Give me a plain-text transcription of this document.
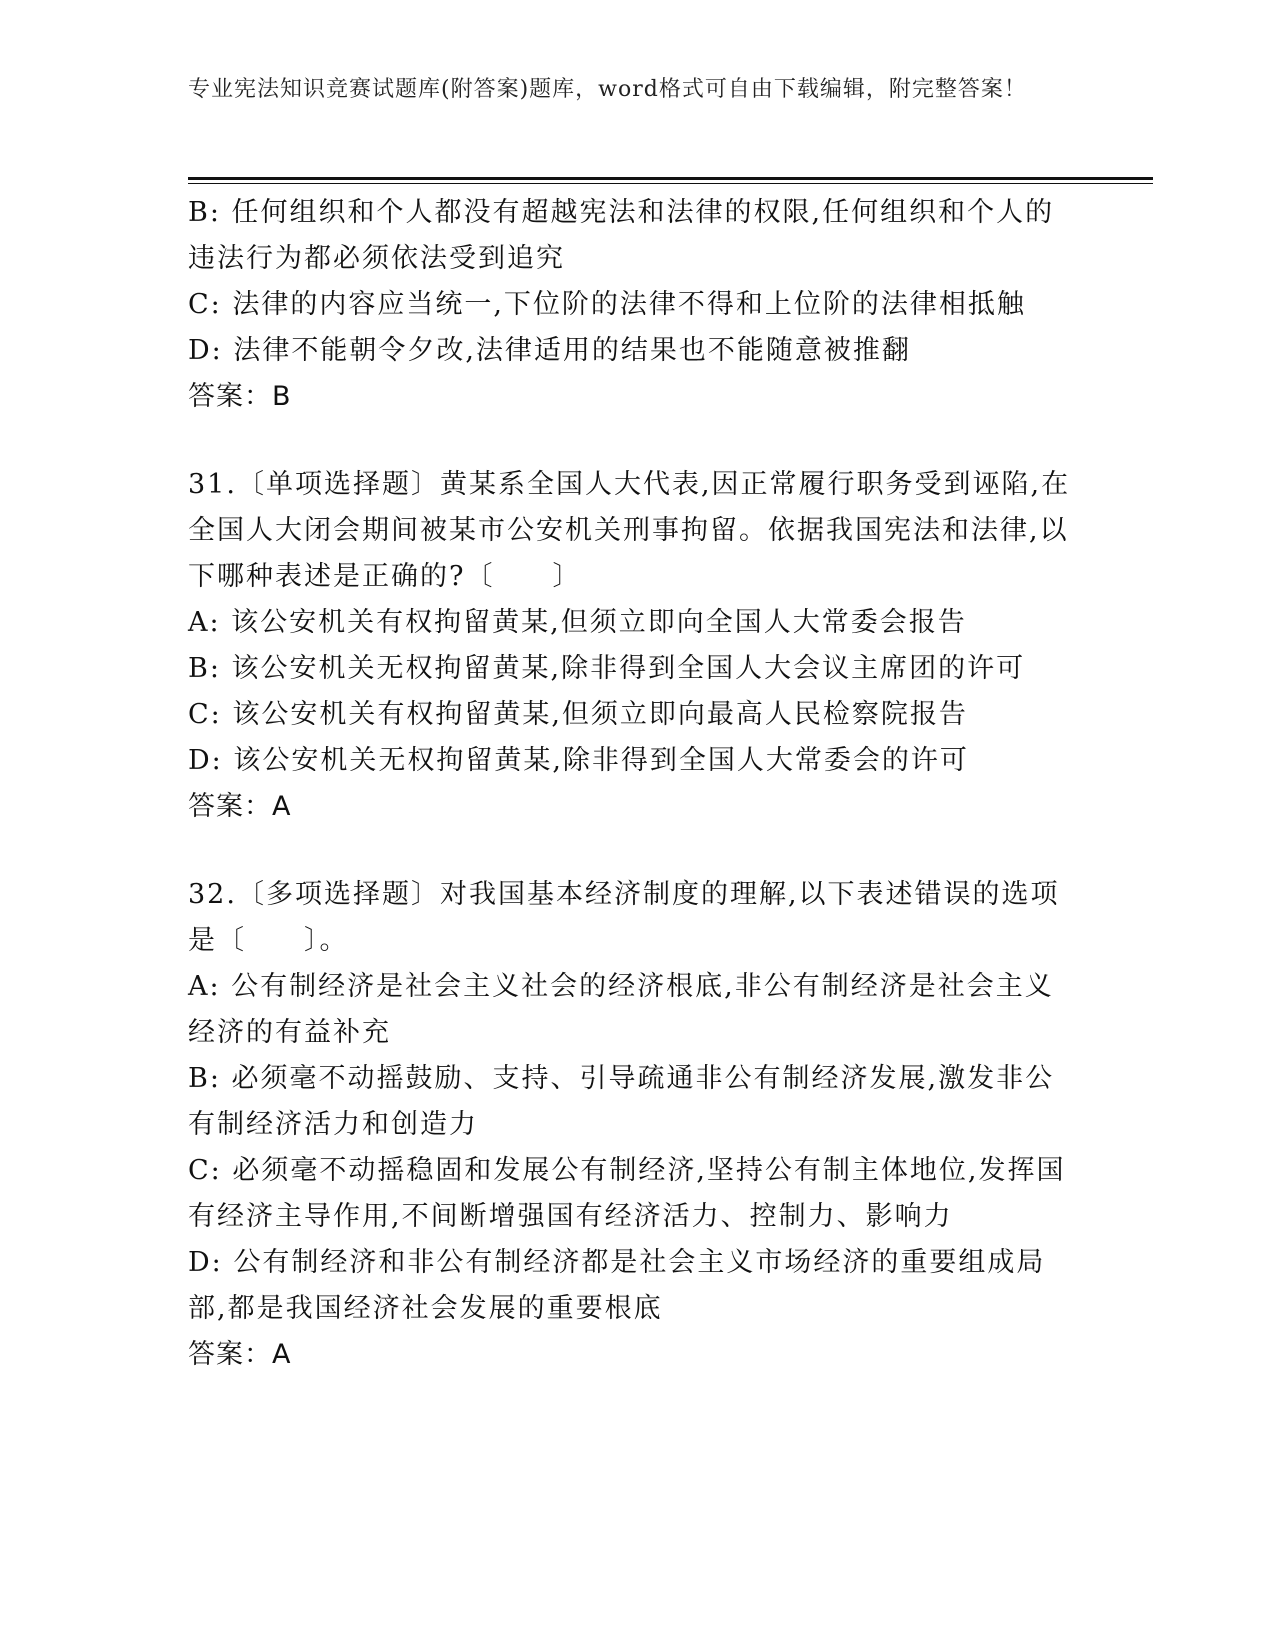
专业宪法知识竞赛试题库(附答案)题库，word格式可自由下载编辑，附完整答案！

B: 任何组织和个人都没有超越宪法和法律的权限,任何组织和个人的违法行为都必须依法受到追究

C: 法律的内容应当统一,下位阶的法律不得和上位阶的法律相抵触

D: 法律不能朝令夕改,法律适用的结果也不能随意被推翻

答案：B

31.〔单项选择题〕黄某系全国人大代表,因正常履行职务受到诬陷,在全国人大闭会期间被某市公安机关刑事拘留。依据我国宪法和法律,以下哪种表述是正确的?〔　　〕

A: 该公安机关有权拘留黄某,但须立即向全国人大常委会报告

B: 该公安机关无权拘留黄某,除非得到全国人大会议主席团的许可

C: 该公安机关有权拘留黄某,但须立即向最高人民检察院报告

D: 该公安机关无权拘留黄某,除非得到全国人大常委会的许可

答案：A

32.〔多项选择题〕对我国基本经济制度的理解,以下表述错误的选项是〔　　〕。

A: 公有制经济是社会主义社会的经济根底,非公有制经济是社会主义经济的有益补充

B: 必须毫不动摇鼓励、支持、引导疏通非公有制经济发展,激发非公有制经济活力和创造力

C: 必须毫不动摇稳固和发展公有制经济,坚持公有制主体地位,发挥国有经济主导作用,不间断增强国有经济活力、控制力、影响力

D: 公有制经济和非公有制经济都是社会主义市场经济的重要组成局部,都是我国经济社会发展的重要根底

答案：A
